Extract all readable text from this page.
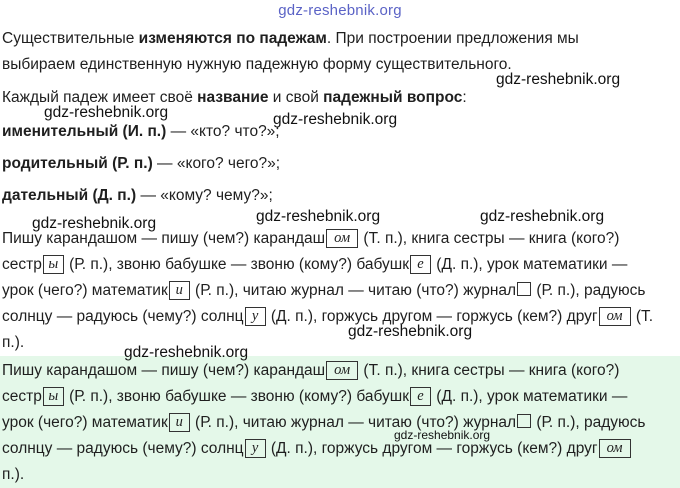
gdz-reshebnik.org
Существительные изменяются по падежам. При построении предложения мы
выбираем единственную нужную падежную форму существительного.
Каждый падеж имеет своё название и свой падежный вопрос:
именительный (И. п.) — «кто? что?»;
родительный (Р. п.) — «кого? чего?»;
дательный (Д. п.) — «кому? чему?»;
Пишу карандашом — пишу (чем?) карандаш ом (Т. п.), книга сестры — книга (кого?)
сестр ы (Р. п.), звоню бабушке — звоню (кому?) бабушк е (Д. п.), урок математики —
урок (чего?) математик и (Р. п.), читаю журнал — читаю (что?) журнал (Р. п.), радуюсь
солнцу — радуюсь (чему?) солнц у (Д. п.), горжусь другом — горжусь (кем?) друг ом (Т.
п.).
Пишу карандашом — пишу (чем?) карандаш ом (Т. п.), книга сестры — книга (кого?)
сестр ы (Р. п.), звоню бабушке — звоню (кому?) бабушк е (Д. п.), урок математики —
урок (чего?) математик и (Р. п.), читаю журнал — читаю (что?) журнал (Р. п.), радуюсь
солнцу — радуюсь (чему?) солнц у (Д. п.), горжусь другом — горжусь (кем?) друг ом
п.).
gdz-reshebnik.org
gdz-reshebnik.org	gdz-reshebnik.org
gdz-reshebnik.org	gdz-reshebnik.org	gdz-reshebnik.org
gdz-reshebnik.org
gdz-reshebnik.org
gdz-reshebnik.org
